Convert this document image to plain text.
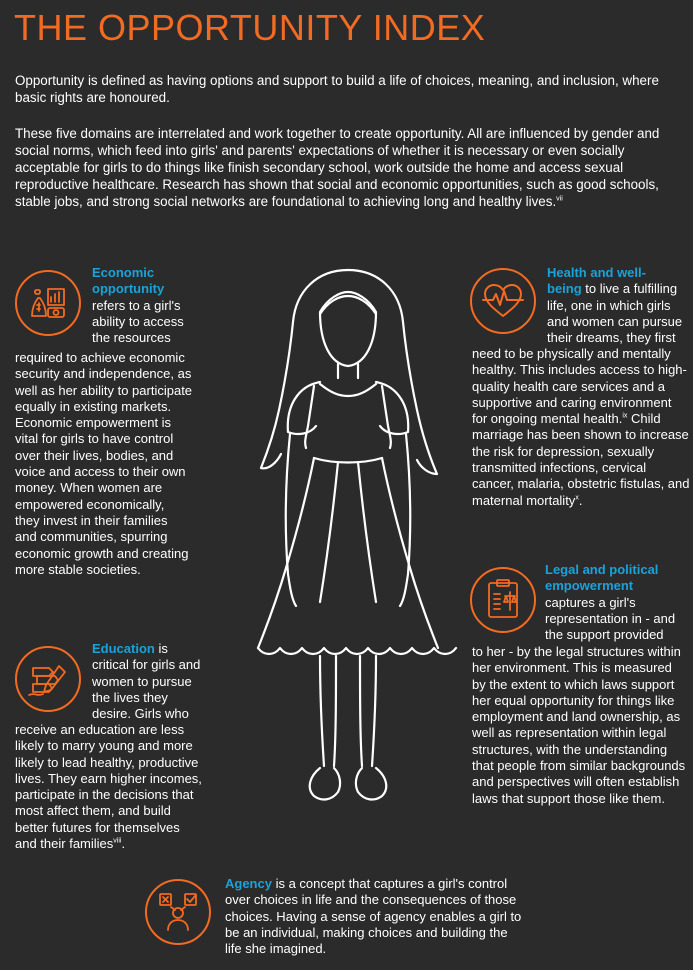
THE OPPORTUNITY INDEX

Opportunity is defined as having options and support to build a life of choices, meaning, and inclusion, where basic rights are honoured.

These five domains are interrelated and work together to create opportunity. All are influenced by gender and social norms, which feed into girls' and parents' expectations of whether it is necessary or even socially acceptable for girls to do things like finish secondary school, work outside the home and access sexual reproductive healthcare. Research has shown that social and economic opportunities, such as good schools, stable jobs, and strong social networks are foundational to achieving long and healthy lives.$^{vii}$

Economic
opportunity
refers to a girl's
ability to access
the resources
required to achieve economic
security and independence, as
well as her ability to participate
equally in existing markets.
Economic empowerment is
vital for girls to have control
over their lives, bodies, and
voice and access to their own
money. When women are
empowered economically,
they invest in their families
and communities, spurring
economic growth and creating
more stable societies.
Health and well-
being to live a fulfilling
life, one in which girls
and women can pursue
their dreams, they first
need to be physically and mentally
healthy. This includes access to high-
quality health care services and a
supportive and caring environment
for ongoing mental health.$^{ix}$ Child
marriage has been shown to increase
the risk for depression, sexually
transmitted infections, cervical
cancer, malaria, obstetric fistulas, and
maternal mortality$^x$.
Legal and political
empowerment
captures a girl's
representation in - and
the support provided
to her - by the legal structures within
her environment. This is measured
by the extent to which laws support
her equal opportunity for things like
employment and land ownership, as
well as representation within legal
structures, with the understanding
that people from similar backgrounds
and perspectives will often establish
laws that support those like them.
Education is
critical for girls and
women to pursue
the lives they
desire. Girls who
receive an education are less
likely to marry young and more
likely to lead healthy, productive
lives. They earn higher incomes,
participate in the decisions that
most affect them, and build
better futures for themselves
and their families$^{viii}$.
Agency is a concept that captures a girl's control
over choices in life and the consequences of those
choices. Having a sense of agency enables a girl to
be an individual, making choices and building the
life she imagined.
